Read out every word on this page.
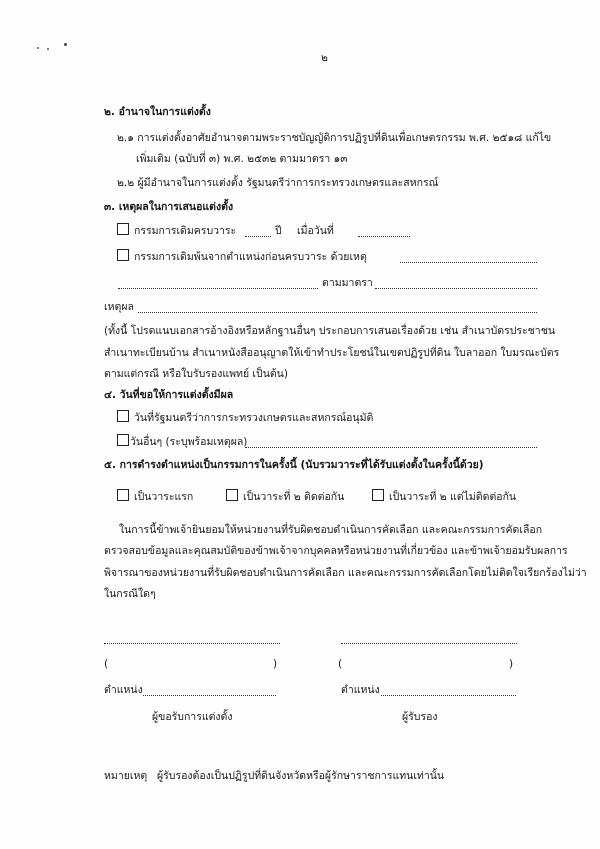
๒
๒. อำนาจในการแต่งตั้ง
๒.๑ การแต่งตั้งอาศัยอำนาจตามพระราชบัญญัติการปฏิรูปที่ดินเพื่อเกษตรกรรม พ.ศ. ๒๕๑๘ แก้ไข
เพิ่มเติม (ฉบับที่ ๓) พ.ศ. ๒๕๓๒ ตามมาตรา ๑๓
๒.๒ ผู้มีอำนาจในการแต่งตั้ง รัฐมนตรีว่าการกระทรวงเกษตรและสหกรณ์
๓. เหตุผลในการเสนอแต่งตั้ง
กรรมการเดิมครบวาระ	ปี เมื่อวันที่
กรรมการเดิมพ้นจากตำแหน่งก่อนครบวาระ ด้วยเหตุ
ตามมาตรา
เหตุผล
(ทั้งนี้ โปรดแนบเอกสารอ้างอิงหรือหลักฐานอื่นๆ ประกอบการเสนอเรื่องด้วย เช่น สำเนาบัตรประชาชน
สำเนาทะเบียนบ้าน สำเนาหนังสืออนุญาตให้เข้าทำประโยชน์ในเขตปฏิรูปที่ดิน ใบลาออก ใบมรณะบัตร
ตามแต่กรณี หรือใบรับรองแพทย์ เป็นต้น)
๔. วันที่ขอให้การแต่งตั้งมีผล
วันที่รัฐมนตรีว่าการกระทรวงเกษตรและสหกรณ์อนุมัติ
วันอื่นๆ (ระบุพร้อมเหตุผล)
๕. การดำรงตำแหน่งเป็นกรรมการในครั้งนี้ (นับรวมวาระที่ได้รับแต่งตั้งในครั้งนี้ด้วย)
เป็นวาระแรก	เป็นวาระที่ ๒ ติดต่อกัน	เป็นวาระที่ ๒ แต่ไม่ติดต่อกัน
ในการนี้ข้าพเจ้ายินยอมให้หน่วยงานที่รับผิดชอบดำเนินการคัดเลือก และคณะกรรมการคัดเลือก
ตรวจสอบข้อมูลและคุณสมบัติของข้าพเจ้าจากบุคคลหรือหน่วยงานที่เกี่ยวข้อง และข้าพเจ้ายอมรับผลการ
พิจารณาของหน่วยงานที่รับผิดชอบดำเนินการคัดเลือก และคณะกรรมการคัดเลือกโดยไม่ติดใจเรียกร้องไม่ว่า
ในกรณีใดๆ
(	)	(	)
ตำแหน่ง	ตำแหน่ง
ผู้ขอรับการแต่งตั้ง	ผู้รับรอง
หมายเหตุ ผู้รับรองต้องเป็นปฏิรูปที่ดินจังหวัดหรือผู้รักษาราชการแทนเท่านั้น
